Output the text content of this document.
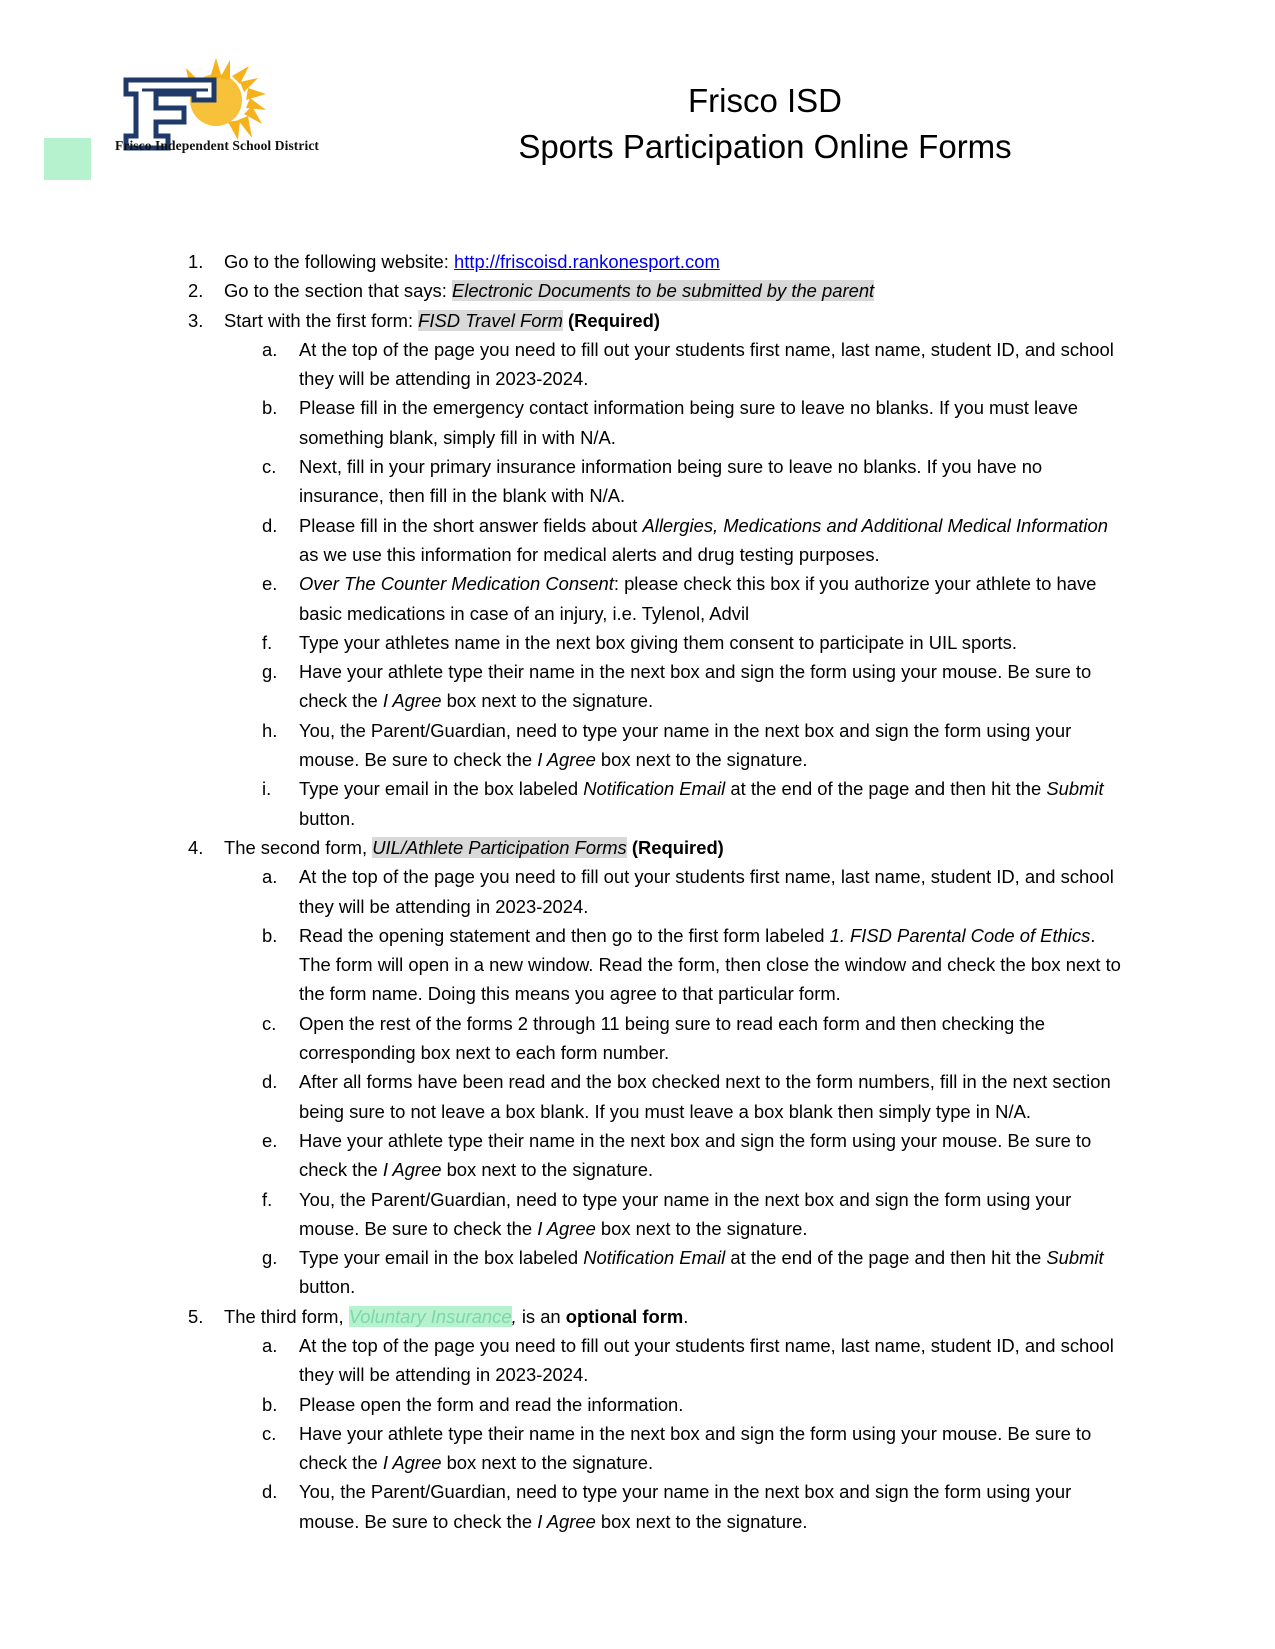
Frisco Independent School District
Frisco ISD
Sports Participation Online Forms
1. Go to the following website: http://friscoisd.rankonesport.com
2. Go to the section that says: Electronic Documents to be submitted by the parent
3. Start with the first form: FISD Travel Form (Required)
a. At the top of the page you need to fill out your students first name, last name, student ID, and school they will be attending in 2023-2024.
b. Please fill in the emergency contact information being sure to leave no blanks. If you must leave something blank, simply fill in with N/A.
c. Next, fill in your primary insurance information being sure to leave no blanks. If you have no insurance, then fill in the blank with N/A.
d. Please fill in the short answer fields about Allergies, Medications and Additional Medical Information as we use this information for medical alerts and drug testing purposes.
e. Over The Counter Medication Consent: please check this box if you authorize your athlete to have basic medications in case of an injury, i.e. Tylenol, Advil
f. Type your athletes name in the next box giving them consent to participate in UIL sports.
g. Have your athlete type their name in the next box and sign the form using your mouse. Be sure to check the I Agree box next to the signature.
h. You, the Parent/Guardian, need to type your name in the next box and sign the form using your mouse. Be sure to check the I Agree box next to the signature.
i. Type your email in the box labeled Notification Email at the end of the page and then hit the Submit button.
4. The second form, UIL/Athlete Participation Forms (Required)
a. At the top of the page you need to fill out your students first name, last name, student ID, and school they will be attending in 2023-2024.
b. Read the opening statement and then go to the first form labeled 1. FISD Parental Code of Ethics. The form will open in a new window. Read the form, then close the window and check the box next to the form name. Doing this means you agree to that particular form.
c. Open the rest of the forms 2 through 11 being sure to read each form and then checking the corresponding box next to each form number.
d. After all forms have been read and the box checked next to the form numbers, fill in the next section being sure to not leave a box blank. If you must leave a box blank then simply type in N/A.
e. Have your athlete type their name in the next box and sign the form using your mouse. Be sure to check the I Agree box next to the signature.
f. You, the Parent/Guardian, need to type your name in the next box and sign the form using your mouse. Be sure to check the I Agree box next to the signature.
g. Type your email in the box labeled Notification Email at the end of the page and then hit the Submit button.
5. The third form, Voluntary Insurance, is an optional form.
a. At the top of the page you need to fill out your students first name, last name, student ID, and school they will be attending in 2023-2024.
b. Please open the form and read the information.
c. Have your athlete type their name in the next box and sign the form using your mouse. Be sure to check the I Agree box next to the signature.
d. You, the Parent/Guardian, need to type your name in the next box and sign the form using your mouse. Be sure to check the I Agree box next to the signature.
